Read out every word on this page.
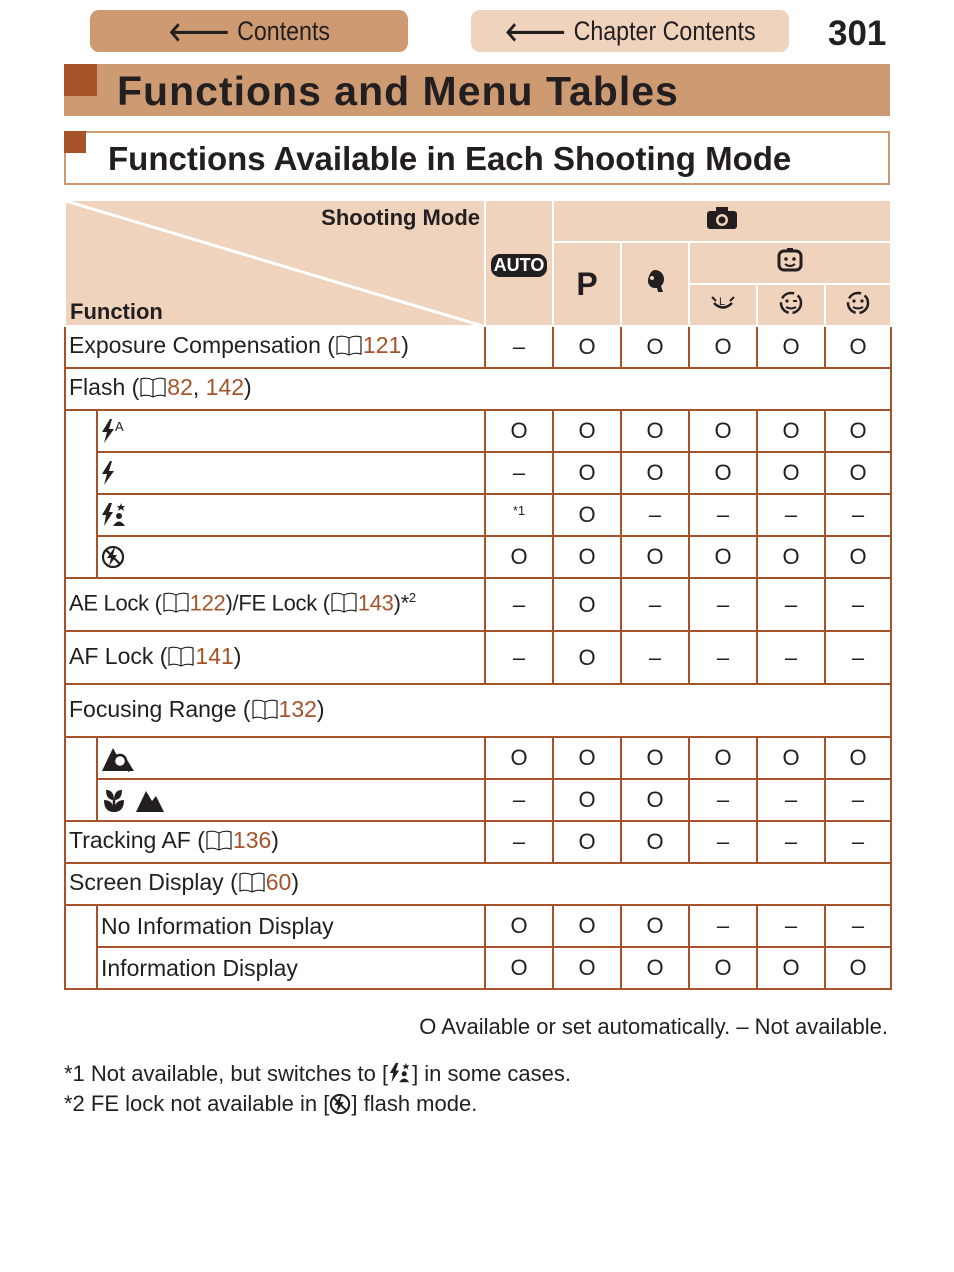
🡐 Contents	🡐 Chapter Contents 301
Functions and Menu Tables
Functions Available in Each Shooting Mode
Shooting Mode
Function		AUTO	
			P		

L

Exposure Compensation ( 121)		–	O	O	O	O	O
Flash ( 82, 142)							

	A	O	O	O	O	O	O

	–	O	O	O	O	O

	*1	O	–	–	–	–

	O	O	O	O	O	O
AE Lock ( 122)/FE Lock ( 143)*$^2$		–	O	–	–	–	–
AF Lock ( 141)		–	O	–	–	–	–
Focusing Range ( 132)							

	O	O	O	O	O	O

	–	O	O	–	–	–
Tracking AF ( 136)		–	O	O	–	–	–
Screen Display ( 60)							
	No Information Display	O	O	O	–	–	–
	Information Display	O	O	O	O	O	O
O Available or set automatically. – Not available.
*1 Not available, but switches to [ ] in some cases.
*2 FE lock not available in [ ] flash mode.
